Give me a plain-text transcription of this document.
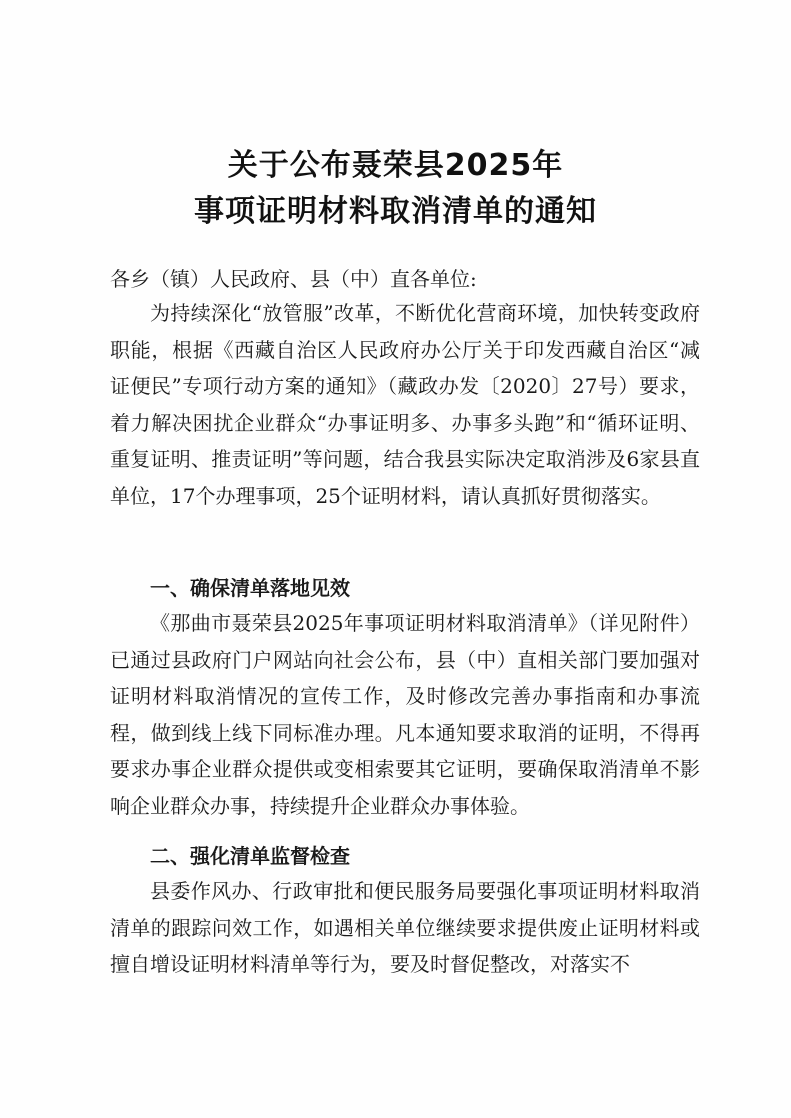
关于公布聂荣县2025年
事项证明材料取消清单的通知

各乡（镇）人民政府、县（中）直各单位:

为持续深化“放管服”改革，不断优化营商环境，加快转变政府职能，根据《西藏自治区人民政府办公厅关于印发西藏自治区“减证便民”专项行动方案的通知》（藏政办发〔2020〕27号）要求，着力解决困扰企业群众“办事证明多、办事多头跑”和“循环证明、重复证明、推责证明”等问题，结合我县实际决定取消涉及6家县直单位，17个办理事项，25个证明材料，请认真抓好贯彻落实。

一、确保清单落地见效

《那曲市聂荣县2025年事项证明材料取消清单》（详见附件）已通过县政府门户网站向社会公布，县（中）直相关部门要加强对证明材料取消情况的宣传工作，及时修改完善办事指南和办事流程，做到线上线下同标准办理。凡本通知要求取消的证明，不得再要求办事企业群众提供或变相索要其它证明，要确保取消清单不影响企业群众办事，持续提升企业群众办事体验。

二、强化清单监督检查

县委作风办、行政审批和便民服务局要强化事项证明材料取消清单的跟踪问效工作，如遇相关单位继续要求提供废止证明材料或擅自增设证明材料清单等行为，要及时督促整改，对落实不
